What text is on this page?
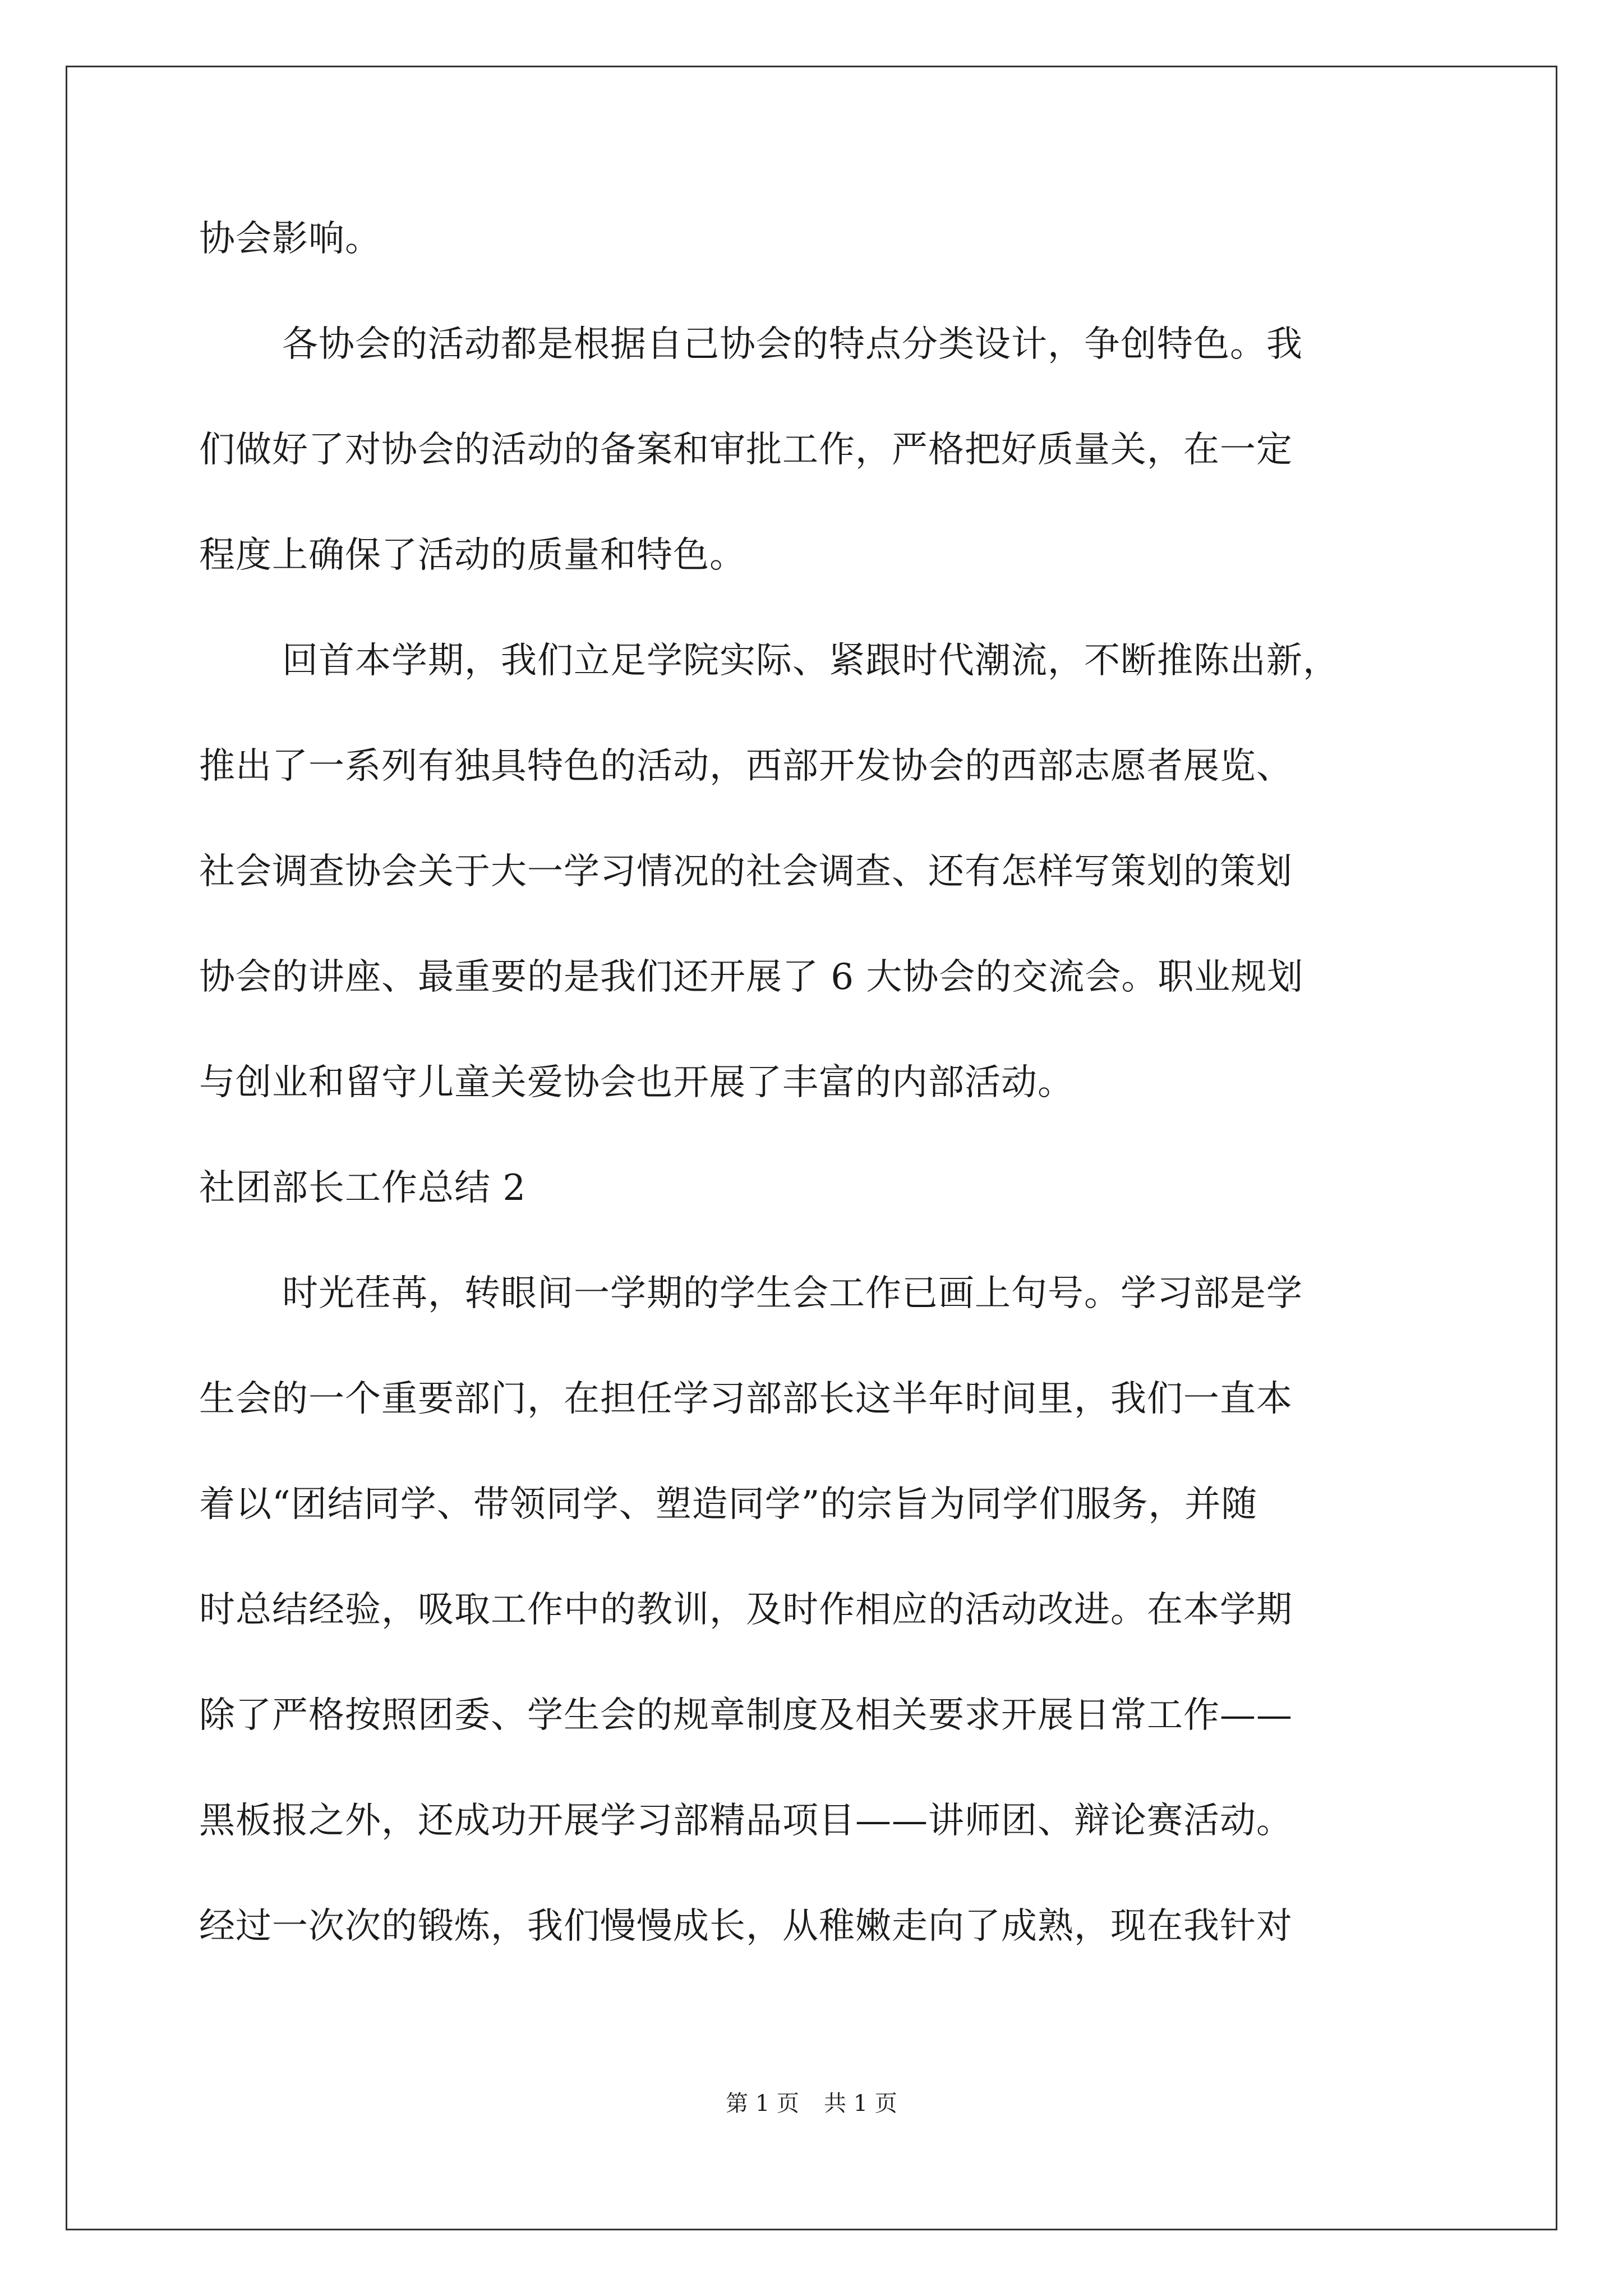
协会影响。
各协会的活动都是根据自己协会的特点分类设计，争创特色。我
们做好了对协会的活动的备案和审批工作，严格把好质量关，在一定
程度上确保了活动的质量和特色。
回首本学期，我们立足学院实际、紧跟时代潮流，不断推陈出新，
推出了一系列有独具特色的活动，西部开发协会的西部志愿者展览、
社会调查协会关于大一学习情况的社会调查、还有怎样写策划的策划
协会的讲座、最重要的是我们还开展了 6 大协会的交流会。职业规划
与创业和留守儿童关爱协会也开展了丰富的内部活动。
社团部长工作总结 2
时光荏苒，转眼间一学期的学生会工作已画上句号。学习部是学
生会的一个重要部门，在担任学习部部长这半年时间里，我们一直本
着以“团结同学、带领同学、塑造同学”的宗旨为同学们服务，并随
时总结经验，吸取工作中的教训，及时作相应的活动改进。在本学期
除了严格按照团委、学生会的规章制度及相关要求开展日常工作——
黑板报之外，还成功开展学习部精品项目——讲师团、辩论赛活动。
经过一次次的锻炼，我们慢慢成长，从稚嫩走向了成熟，现在我针对
第 1 页 共 1 页
